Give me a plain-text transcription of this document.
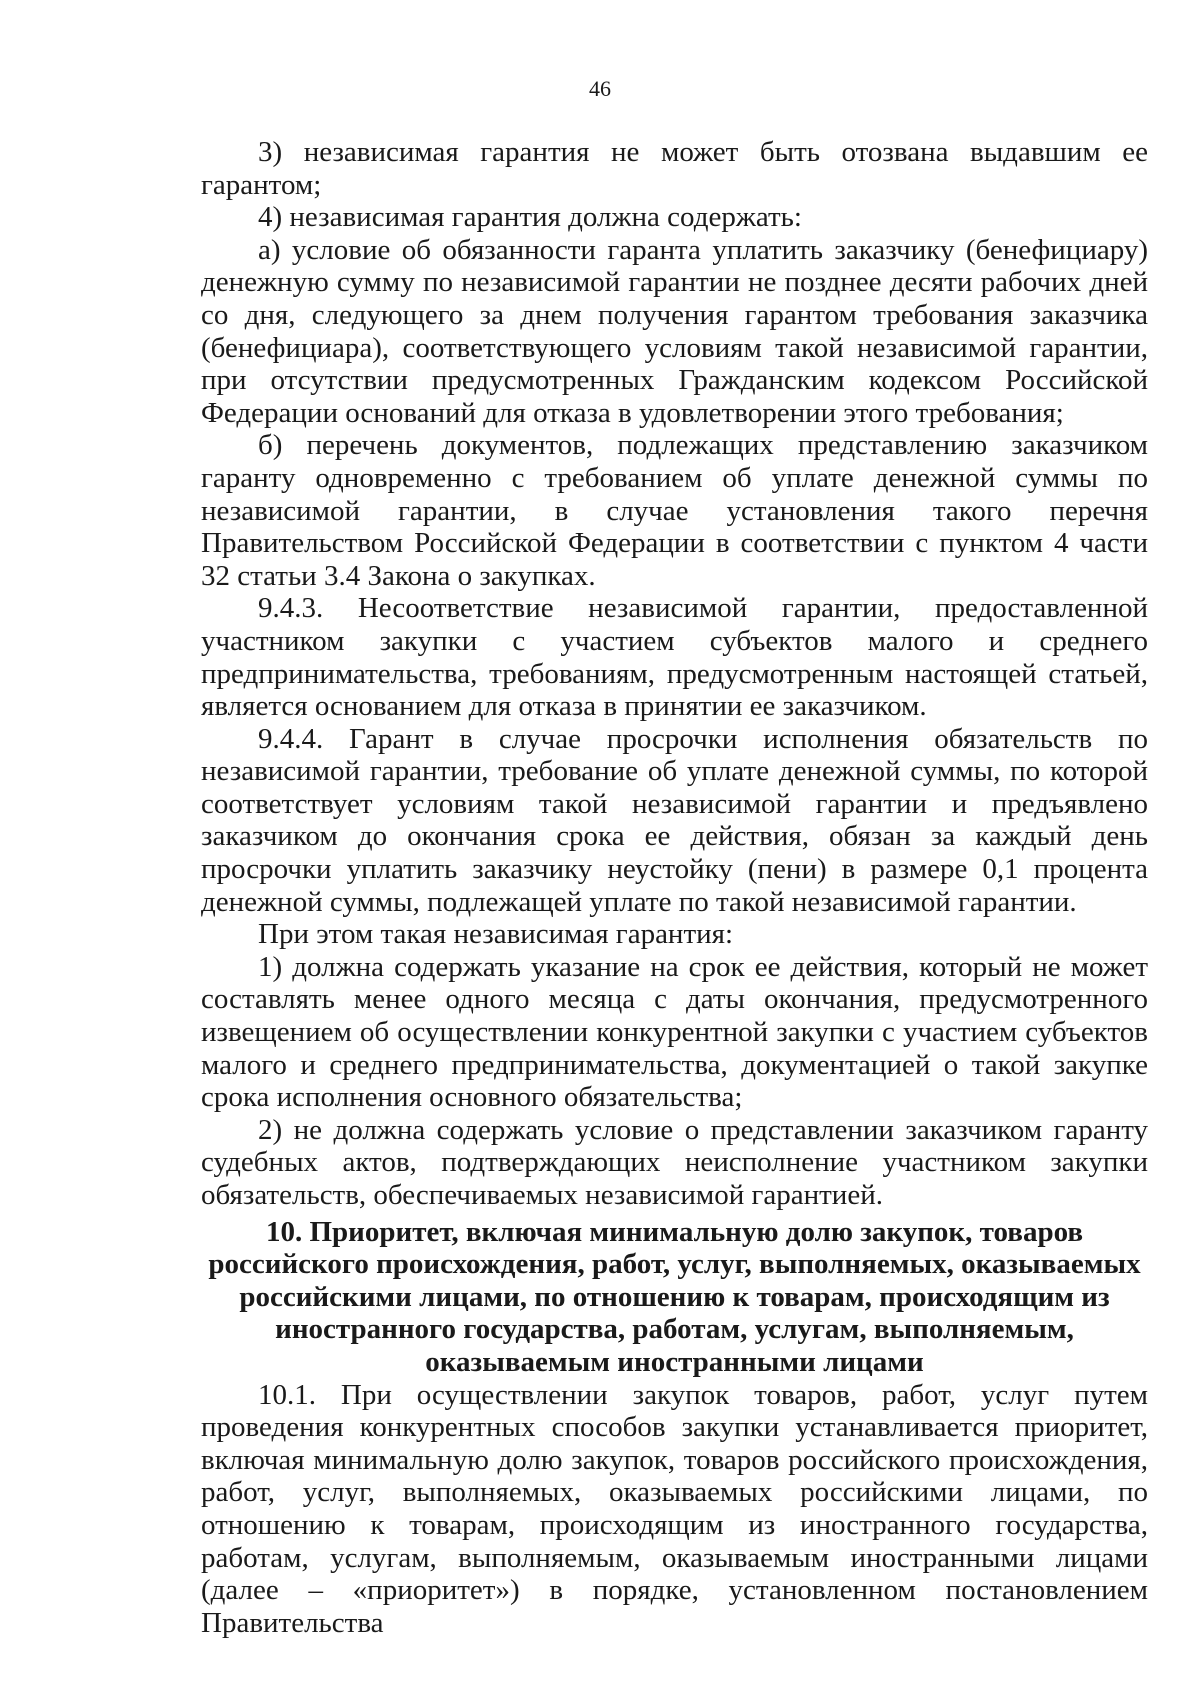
46

3) независимая гарантия не может быть отозвана выдавшим ее гарантом;

4) независимая гарантия должна содержать:

а) условие об обязанности гаранта уплатить заказчику (бенефициару) денежную сумму по независимой гарантии не позднее десяти рабочих дней со дня, следующего за днем получения гарантом требования заказчика (бенефициара), соответствующего условиям такой независимой гарантии, при отсутствии предусмотренных Гражданским кодексом Российской Федерации оснований для отказа в удовлетворении этого требования;

б) перечень документов, подлежащих представлению заказчиком гаранту одновременно с требованием об уплате денежной суммы по независимой гарантии, в случае установления такого перечня Правительством Российской Федерации в соответствии с пунктом 4 части 32 статьи 3.4 Закона о закупках.

9.4.3. Несоответствие независимой гарантии, предоставленной участником закупки с участием субъектов малого и среднего предпринимательства, требованиям, предусмотренным настоящей статьей, является основанием для отказа в принятии ее заказчиком.

9.4.4. Гарант в случае просрочки исполнения обязательств по независимой гарантии, требование об уплате денежной суммы, по которой соответствует условиям такой независимой гарантии и предъявлено заказчиком до окончания срока ее действия, обязан за каждый день просрочки уплатить заказчику неустойку (пени) в размере 0,1 процента денежной суммы, подлежащей уплате по такой независимой гарантии.

При этом такая независимая гарантия:

1) должна содержать указание на срок ее действия, который не может составлять менее одного месяца с даты окончания, предусмотренного извещением об осуществлении конкурентной закупки с участием субъектов малого и среднего предпринимательства, документацией о такой закупке срока исполнения основного обязательства;

2) не должна содержать условие о представлении заказчиком гаранту судебных актов, подтверждающих неисполнение участником закупки обязательств, обеспечиваемых независимой гарантией.

10. Приоритет, включая минимальную долю закупок, товаров
российского происхождения, работ, услуг, выполняемых, оказываемых
российскими лицами, по отношению к товарам, происходящим из
иностранного государства, работам, услугам, выполняемым,
оказываемым иностранными лицами

10.1. При осуществлении закупок товаров, работ, услуг путем проведения конкурентных способов закупки устанавливается приоритет, включая минимальную долю закупок, товаров российского происхождения, работ, услуг, выполняемых, оказываемых российскими лицами, по отношению к товарам, происходящим из иностранного государства, работам, услугам, выполняемым, оказываемым иностранными лицами (далее – «приоритет») в порядке, установленном постановлением Правительства
